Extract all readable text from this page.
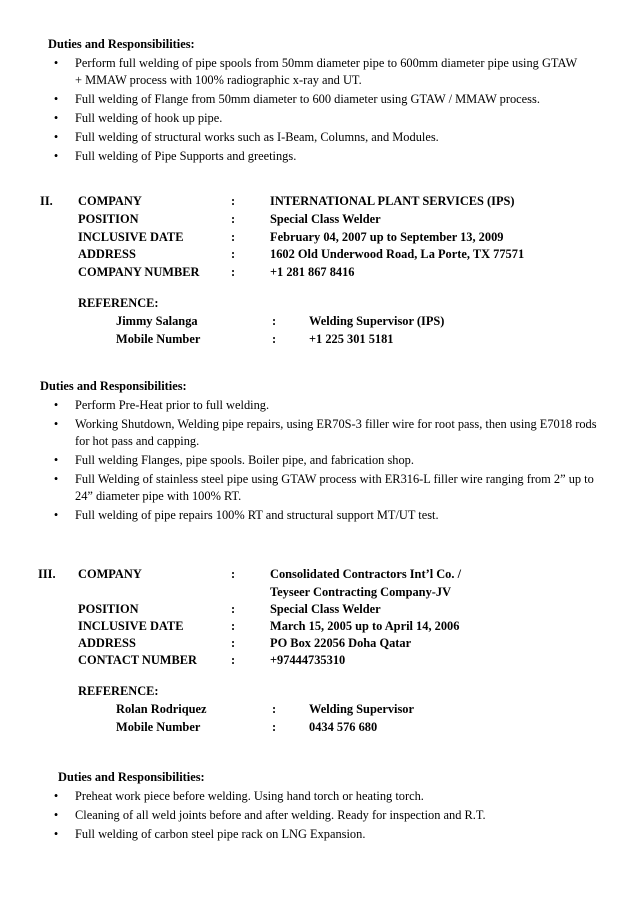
Duties and Responsibilities:
•	Perform full welding of pipe spools from 50mm diameter pipe to 600mm diameter pipe using GTAW + MMAW process with 100% radiographic x-ray and UT.
•	Full welding of Flange from 50mm diameter to 600 diameter using GTAW / MMAW process.
•	Full welding of hook up pipe.
•	Full welding of structural works such as I-Beam, Columns, and Modules.
•	Full welding of Pipe Supports and greetings.
II. COMPANY	:	INTERNATIONAL PLANT SERVICES (IPS)
POSITION	:	Special Class Welder
INCLUSIVE DATE	:	February 04, 2007 up to September 13, 2009
ADDRESS	:	1602 Old Underwood Road, La Porte, TX 77571
COMPANY NUMBER	:	+1 281 867 8416
REFERENCE:
Jimmy Salanga	:	Welding Supervisor (IPS)
Mobile Number	:	+1 225 301 5181
Duties and Responsibilities:
•	Perform Pre-Heat prior to full welding.
•	Working Shutdown, Welding pipe repairs, using ER70S-3 filler wire for root pass, then using E7018 rods for hot pass and capping.
•	Full welding Flanges, pipe spools. Boiler pipe, and fabrication shop.
•	Full Welding of stainless steel pipe using GTAW process with ER316-L filler wire ranging from 2” up to 24” diameter pipe with 100% RT.
•	Full welding of pipe repairs 100% RT and structural support MT/UT test.
III. COMPANY	:	Consolidated Contractors Int’l Co. /
Teyseer Contracting Company-JV
POSITION	:	Special Class Welder
INCLUSIVE DATE	:	March 15, 2005 up to April 14, 2006
ADDRESS	:	PO Box 22056 Doha Qatar
CONTACT NUMBER	:	+97444735310
REFERENCE:
Rolan Rodriquez	:	Welding Supervisor
Mobile Number	:	0434 576 680
Duties and Responsibilities:
•	Preheat work piece before welding. Using hand torch or heating torch.
•	Cleaning of all weld joints before and after welding. Ready for inspection and R.T.
•	Full welding of carbon steel pipe rack on LNG Expansion.
